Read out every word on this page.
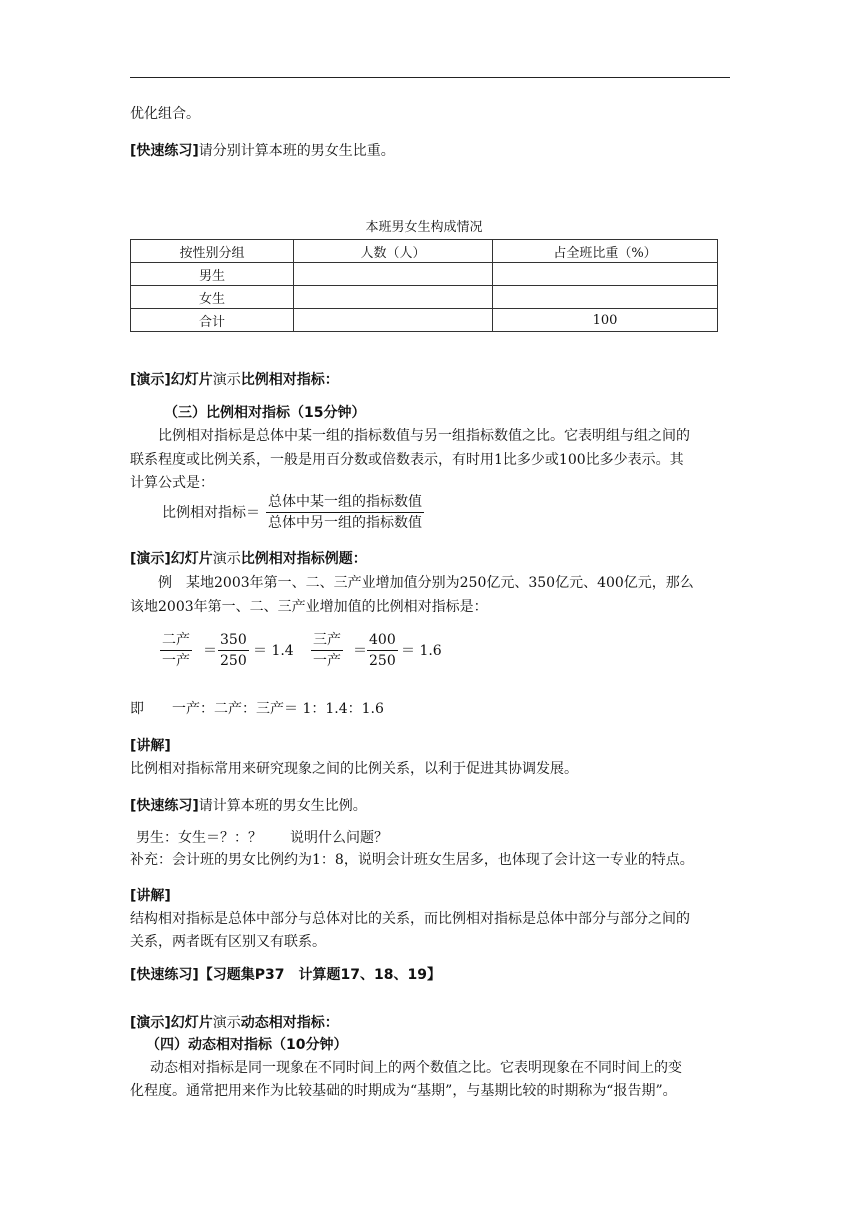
优化组合。
[快速练习]请分别计算本班的男女生比重。
本班男女生构成情况
按性别分组	人数（人）	占全班比重（%）
男生		
女生		
合计		100
[演示]幻灯片演示比例相对指标：
（三）比例相对指标（15分钟）
比例相对指标是总体中某一组的指标数值与另一组指标数值之比。它表明组与组之间的
联系程度或比例关系，一般是用百分数或倍数表示，有时用1比多少或100比多少表示。其
计算公式是：
比例相对指标＝
总体中某一组的指标数值
总体中另一组的指标数值
[演示]幻灯片演示比例相对指标例题：
例　某地2003年第一、二、三产业增加值分别为250亿元、350亿元、400亿元，那么
该地2003年第一、二、三产业增加值的比例相对指标是：
二产
一产
＝ $\frac{350}{250} = 1.4$
三产
一产
＝ $\frac{400}{250} = 1.6$
即　　一产：二产：三产＝ 1：1.4：1.6
[讲解]
比例相对指标常用来研究现象之间的比例关系，以利于促进其协调发展。
[快速练习]请计算本班的男女生比例。
男生：女生＝？：？　　说明什么问题？
补充：会计班的男女比例约为1：8，说明会计班女生居多，也体现了会计这一专业的特点。
[讲解]
结构相对指标是总体中部分与总体对比的关系，而比例相对指标是总体中部分与部分之间的
关系，两者既有区别又有联系。
[快速练习]【习题集P37　计算题17、18、19】
[演示]幻灯片演示动态相对指标：
（四）动态相对指标（10分钟）
动态相对指标是同一现象在不同时间上的两个数值之比。它表明现象在不同时间上的变
化程度。通常把用来作为比较基础的时期成为“基期”，与基期比较的时期称为“报告期”。
